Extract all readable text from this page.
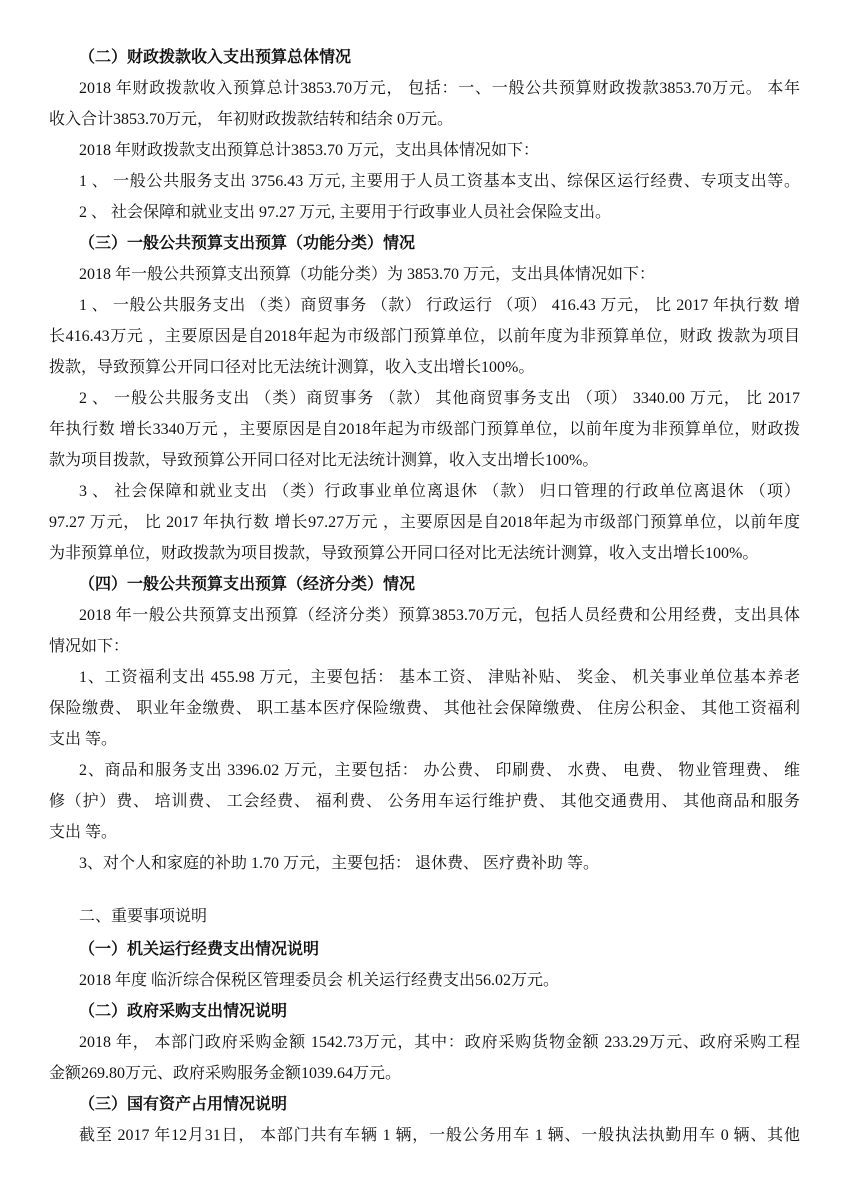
（二）财政拨款收入支出预算总体情况
2018 年财政拨款收入预算总计3853.70万元， 包括：一、一般公共预算财政拨款3853.70万元。 本年
收入合计3853.70万元， 年初财政拨款结转和结余 0万元。
2018 年财政拨款支出预算总计3853.70 万元，支出具体情况如下：
1 、 一般公共服务支出 3756.43 万元, 主要用于人员工资基本支出、综保区运行经费、专项支出等。
2 、 社会保障和就业支出 97.27 万元, 主要用于行政事业人员社会保险支出。
（三）一般公共预算支出预算（功能分类）情况
2018 年一般公共预算支出预算（功能分类）为 3853.70 万元，支出具体情况如下：
1 、 一般公共服务支出 （类）商贸事务 （款） 行政运行 （项） 416.43 万元， 比 2017 年执行数 增
长416.43万元 ，主要原因是自2018年起为市级部门预算单位，以前年度为非预算单位，财政 拨款为项目
拨款，导致预算公开同口径对比无法统计测算，收入支出增长100%。
2 、 一般公共服务支出 （类）商贸事务 （款） 其他商贸事务支出 （项） 3340.00 万元， 比 2017
年执行数 增长3340万元 ，主要原因是自2018年起为市级部门预算单位，以前年度为非预算单位，财政拨
款为项目拨款，导致预算公开同口径对比无法统计测算，收入支出增长100%。
3 、 社会保障和就业支出 （类）行政事业单位离退休 （款） 归口管理的行政单位离退休 （项）
97.27 万元， 比 2017 年执行数 增长97.27万元 ，主要原因是自2018年起为市级部门预算单位，以前年度
为非预算单位，财政拨款为项目拨款，导致预算公开同口径对比无法统计测算，收入支出增长100%。
（四）一般公共预算支出预算（经济分类）情况
2018 年一般公共预算支出预算（经济分类）预算3853.70万元，包括人员经费和公用经费，支出具体
情况如下：
1、工资福利支出 455.98 万元，主要包括： 基本工资、 津贴补贴、 奖金、 机关事业单位基本养老
保险缴费、 职业年金缴费、 职工基本医疗保险缴费、 其他社会保障缴费、 住房公积金、 其他工资福利
支出 等。
2、商品和服务支出 3396.02 万元，主要包括： 办公费、 印刷费、 水费、 电费、 物业管理费、 维
修（护）费、 培训费、 工会经费、 福利费、 公务用车运行维护费、 其他交通费用、 其他商品和服务
支出 等。
3、对个人和家庭的补助 1.70 万元，主要包括： 退休费、 医疗费补助 等。
二、重要事项说明
（一）机关运行经费支出情况说明
2018 年度 临沂综合保税区管理委员会 机关运行经费支出56.02万元。
（二）政府采购支出情况说明
2018 年， 本部门政府采购金额 1542.73万元，其中：政府采购货物金额 233.29万元、政府采购工程
金额269.80万元、政府采购服务金额1039.64万元。
（三）国有资产占用情况说明
截至 2017 年12月31日， 本部门共有车辆 1 辆，一般公务用车 1 辆、一般执法执勤用车 0 辆、其他
